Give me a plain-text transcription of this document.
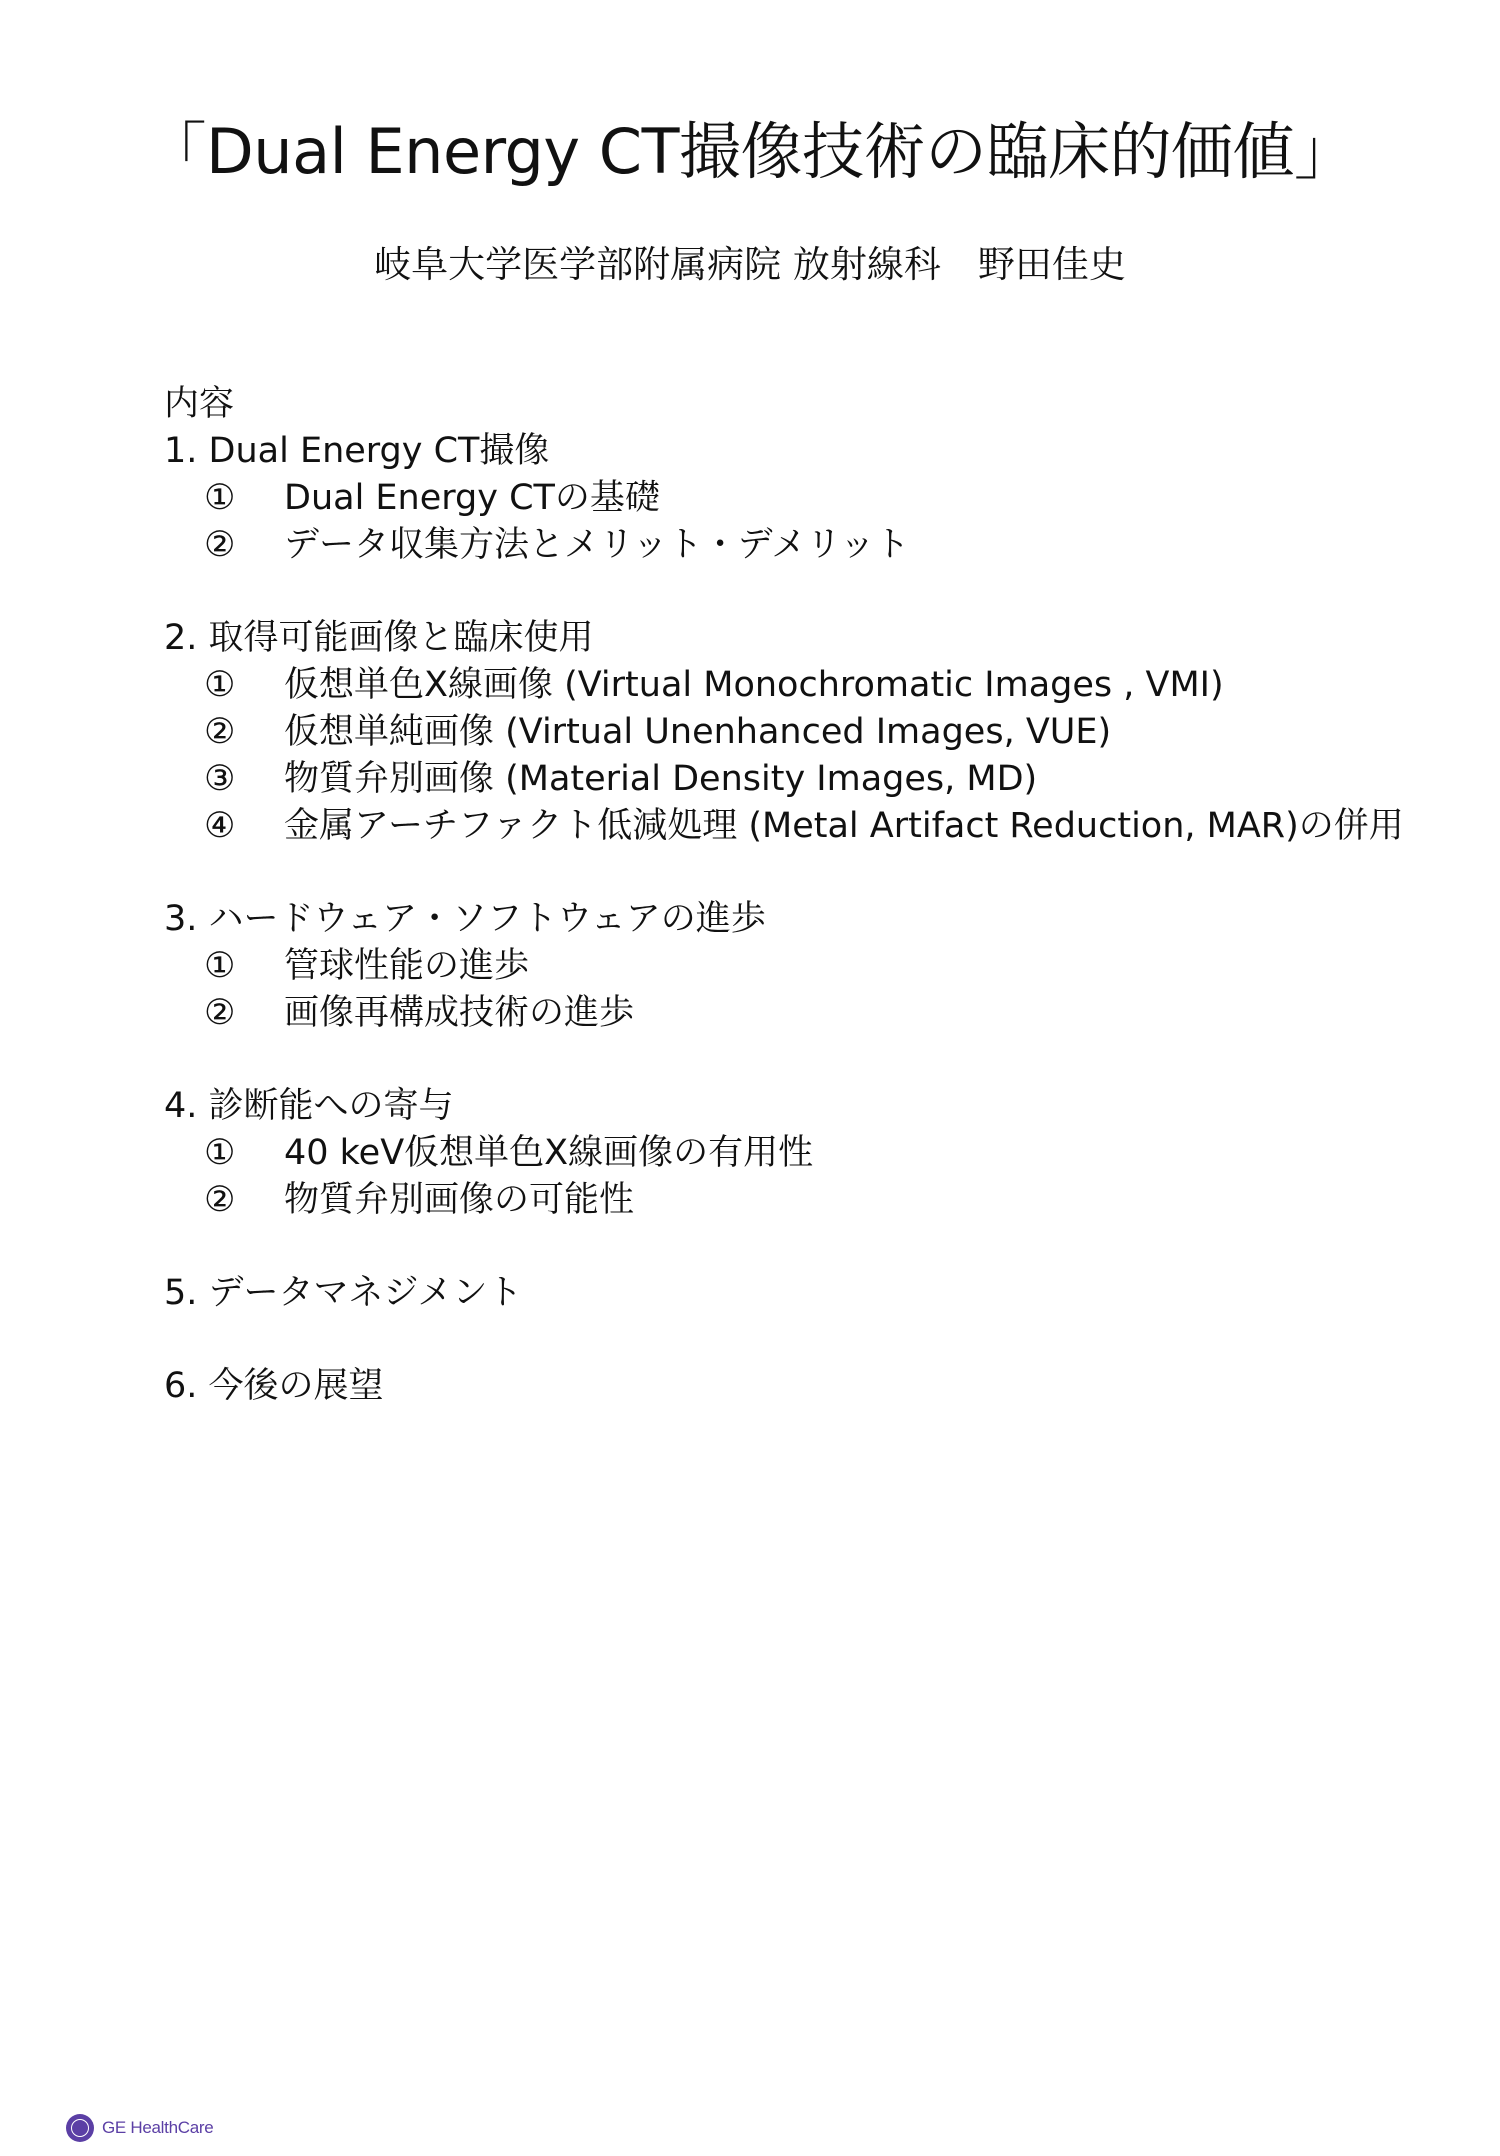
「Dual Energy CT撮像技術の臨床的価値」
岐阜大学医学部附属病院 放射線科　野田佳史
内容
1. Dual Energy CT撮像
①	Dual Energy CTの基礎
②	データ収集方法とメリット・デメリット
2. 取得可能画像と臨床使用
①	仮想単色X線画像 (Virtual Monochromatic Images , VMI)
②	仮想単純画像 (Virtual Unenhanced Images, VUE)
③	物質弁別画像 (Material Density Images, MD)
④	金属アーチファクト低減処理 (Metal Artifact Reduction, MAR)の併用
3. ハードウェア・ソフトウェアの進歩
①	管球性能の進歩
②	画像再構成技術の進歩
4. 診断能への寄与
①	40 keV仮想単色X線画像の有用性
②	物質弁別画像の可能性
5. データマネジメント
6. 今後の展望
GE HealthCare
